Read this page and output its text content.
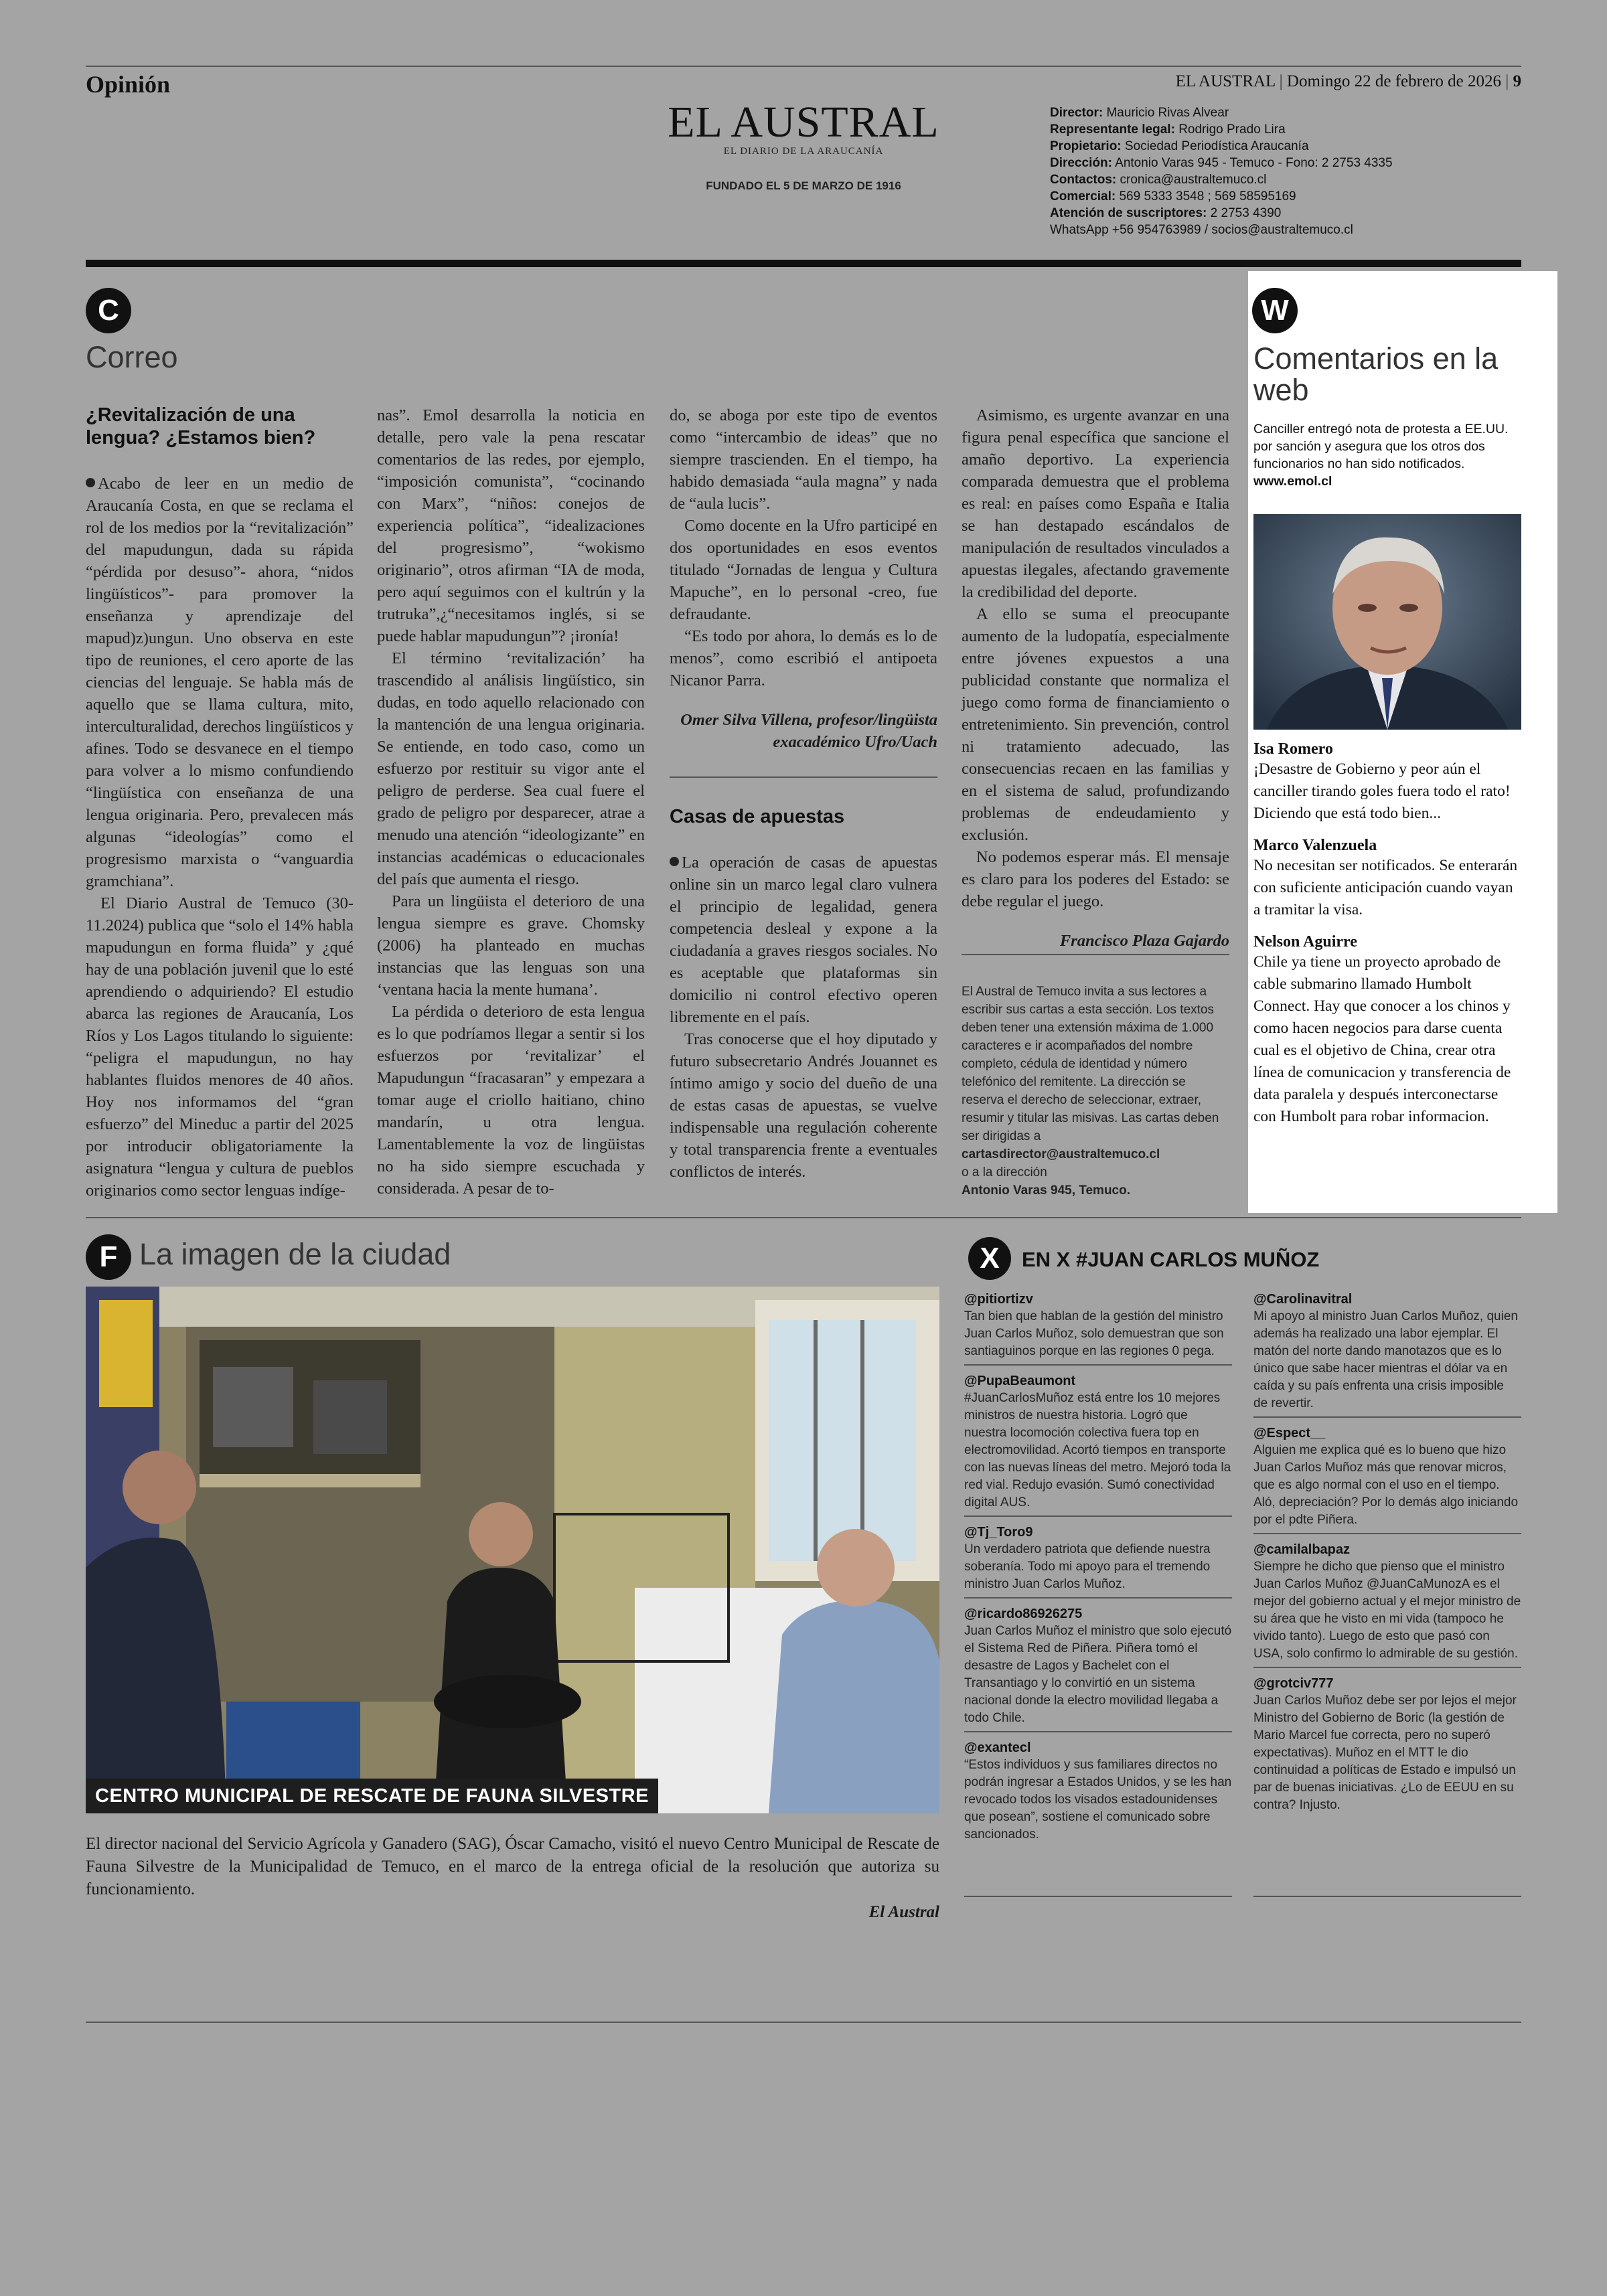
Opinión
EL AUSTRAL
EL DIARIO DE LA ARAUCANÍA
FUNDADO EL 5 DE MARZO DE 1916
EL AUSTRAL | Domingo 22 de febrero de 2026 | 9
Director: Mauricio Rivas Alvear
Representante legal: Rodrigo Prado Lira
Propietario: Sociedad Periodística Araucanía
Dirección: Antonio Varas 945 - Temuco - Fono: 2 2753 4335
Contactos: cronica@australtemuco.cl
Comercial: 569 5333 3548 ; 569 58595169
Atención de suscriptores: 2 2753 4390
WhatsApp +56 954763989 / socios@australtemuco.cl
C
Correo
¿Revitalización de una lengua? ¿Estamos bien?

Acabo de leer en un medio de Araucanía Costa, en que se reclama el rol de los medios por la “revitalización” del mapudungun, dada su rápida “pérdida por desuso”- ahora, “nidos lingüísticos”- para promover la enseñanza y aprendizaje del mapud)z)ungun. Uno observa en este tipo de reuniones, el cero aporte de las ciencias del lenguaje. Se habla más de aquello que se llama cultura, mito, interculturalidad, derechos lingüísticos y afines. Todo se desvanece en el tiempo para volver a lo mismo confundiendo “lingüística con enseñanza de una lengua originaria. Pero, prevalecen más algunas “ideologías” como el progresismo marxista o “vanguardia gramchiana”.

El Diario Austral de Temuco (30-11.2024) publica que “solo el 14% habla mapudungun en forma fluida” y ¿qué hay de una población juvenil que lo esté aprendiendo o adquiriendo? El estudio abarca las regiones de Araucanía, Los Ríos y Los Lagos titulando lo siguiente: “peligra el mapudungun, no hay hablantes fluidos menores de 40 años. Hoy nos informamos del “gran esfuerzo” del Mineduc a partir del 2025 por introducir obligatoriamente la asignatura “lengua y cultura de pueblos originarios como sector lenguas indíge-

nas”. Emol desarrolla la noticia en detalle, pero vale la pena rescatar comentarios de las redes, por ejemplo, “imposición comunista”, “cocinando con Marx”, “niños: conejos de experiencia política”, “idealizaciones del progresismo”, “wokismo originario”, otros afirman “IA de moda, pero aquí seguimos con el kultrún y la trutruka”,¿“necesitamos inglés, si se puede hablar mapudungun”? ¡ironía!

El término ‘revitalización’ ha trascendido al análisis lingüístico, sin dudas, en todo aquello relacionado con la mantención de una lengua originaria. Se entiende, en todo caso, como un esfuerzo por restituir su vigor ante el peligro de perderse. Sea cual fuere el grado de peligro por desparecer, atrae a menudo una atención “ideologizante” en instancias académicas o educacionales del país que aumenta el riesgo.

Para un lingüista el deterioro de una lengua siempre es grave. Chomsky (2006) ha planteado en muchas instancias que las lenguas son una ‘ventana hacia la mente humana’.

La pérdida o deterioro de esta lengua es lo que podríamos llegar a sentir si los esfuerzos por ‘revitalizar’ el Mapudungun “fracasaran” y empezara a tomar auge el criollo haitiano, chino mandarín, u otra lengua. Lamentablemente la voz de lingüistas no ha sido siempre escuchada y considerada. A pesar de to-

do, se aboga por este tipo de eventos como “intercambio de ideas” que no siempre trascienden. En el tiempo, ha habido demasiada “aula magna” y nada de “aula lucis”.

Como docente en la Ufro participé en dos oportunidades en esos eventos titulado “Jornadas de lengua y Cultura Mapuche”, en lo personal -creo, fue defraudante.

“Es todo por ahora, lo demás es lo de menos”, como escribió el antipoeta Nicanor Parra.

Omer Silva Villena, profesor/lingüista exacadémico Ufro/Uach

Casas de apuestas

La operación de casas de apuestas online sin un marco legal claro vulnera el principio de legalidad, genera competencia desleal y expone a la ciudadanía a graves riesgos sociales. No es aceptable que plataformas sin domicilio ni control efectivo operen libremente en el país.

Tras conocerse que el hoy diputado y futuro subsecretario Andrés Jouannet es íntimo amigo y socio del dueño de una de estas casas de apuestas, se vuelve indispensable una regulación coherente y total transparencia frente a eventuales conflictos de interés.

Asimismo, es urgente avanzar en una figura penal específica que sancione el amaño deportivo. La experiencia comparada demuestra que el problema es real: en países como España e Italia se han destapado escándalos de manipulación de resultados vinculados a apuestas ilegales, afectando gravemente la credibilidad del deporte.

A ello se suma el preocupante aumento de la ludopatía, especialmente entre jóvenes expuestos a una publicidad constante que normaliza el juego como forma de financiamiento o entretenimiento. Sin prevención, control ni tratamiento adecuado, las consecuencias recaen en las familias y en el sistema de salud, profundizando problemas de endeudamiento y exclusión.

No podemos esperar más. El mensaje es claro para los poderes del Estado: se debe regular el juego.

Francisco Plaza Gajardo

El Austral de Temuco invita a sus lectores a escribir sus cartas a esta sección. Los textos deben tener una extensión máxima de 1.000 caracteres e ir acompañados del nombre completo, cédula de identidad y número telefónico del remitente. La dirección se reserva el derecho de seleccionar, extraer, resumir y titular las misivas. Las cartas deben ser dirigidas a
cartasdirector@australtemuco.cl
o a la dirección
Antonio Varas 945, Temuco.
W
Comentarios en la web
Canciller entregó nota de protesta a EE.UU. por sanción y asegura que los otros dos funcionarios no han sido notificados. www.emol.cl
Isa Romero
¡Desastre de Gobierno y peor aún el canciller tirando goles fuera todo el rato! Diciendo que está todo bien...
Marco Valenzuela
No necesitan ser notificados. Se enterarán con suficiente anticipación cuando vayan a tramitar la visa.
Nelson Aguirre
Chile ya tiene un proyecto aprobado de cable submarino llamado Humbolt Connect. Hay que conocer a los chinos y como hacen negocios para darse cuenta cual es el objetivo de China, crear otra línea de comunicacion y transferencia de data paralela y después interconectarse con Humbolt para robar informacion.
F La imagen de la ciudad
CENTRO MUNICIPAL DE RESCATE DE FAUNA SILVESTRE
El director nacional del Servicio Agrícola y Ganadero (SAG), Óscar Camacho, visitó el nuevo Centro Municipal de Rescate de Fauna Silvestre de la Municipalidad de Temuco, en el marco de la entrega oficial de la resolución que autoriza su funcionamiento.
El Austral
X	EN X #JUAN CARLOS MUÑOZ
@pitiortizv
Tan bien que hablan de la gestión del ministro Juan Carlos Muñoz, solo demuestran que son santiaguinos porque en las regiones 0 pega.
@PupaBeaumont
#JuanCarlosMuñoz está entre los 10 mejores ministros de nuestra historia. Logró que nuestra locomoción colectiva fuera top en electromovilidad. Acortó tiempos en transporte con las nuevas líneas del metro. Mejoró toda la red vial. Redujo evasión. Sumó conectividad digital AUS.
@Tj_Toro9
Un verdadero patriota que defiende nuestra soberanía. Todo mi apoyo para el tremendo ministro Juan Carlos Muñoz.
@ricardo86926275
Juan Carlos Muñoz el ministro que solo ejecutó el Sistema Red de Piñera. Piñera tomó el desastre de Lagos y Bachelet con el Transantiago y lo convirtió en un sistema nacional donde la electro movilidad llegaba a todo Chile.
@exantecl
“Estos individuos y sus familiares directos no podrán ingresar a Estados Unidos, y se les han revocado todos los visados estadounidenses que posean”, sostiene el comunicado sobre sancionados.
@Carolinavitral
Mi apoyo al ministro Juan Carlos Muñoz, quien además ha realizado una labor ejemplar. El matón del norte dando manotazos que es lo único que sabe hacer mientras el dólar va en caída y su país enfrenta una crisis imposible de revertir.
@Espect__
Alguien me explica qué es lo bueno que hizo Juan Carlos Muñoz más que renovar micros, que es algo normal con el uso en el tiempo. Aló, depreciación? Por lo demás algo iniciando por el pdte Piñera.
@camilalbapaz
Siempre he dicho que pienso que el ministro Juan Carlos Muñoz @JuanCaMunozA es el mejor del gobierno actual y el mejor ministro de su área que he visto en mi vida (tampoco he vivido tanto). Luego de esto que pasó con USA, solo confirmo lo admirable de su gestión.
@grotciv777
Juan Carlos Muñoz debe ser por lejos el mejor Ministro del Gobierno de Boric (la gestión de Mario Marcel fue correcta, pero no superó expectativas). Muñoz en el MTT le dio continuidad a políticas de Estado e impulsó un par de buenas iniciativas. ¿Lo de EEUU en su contra? Injusto.
